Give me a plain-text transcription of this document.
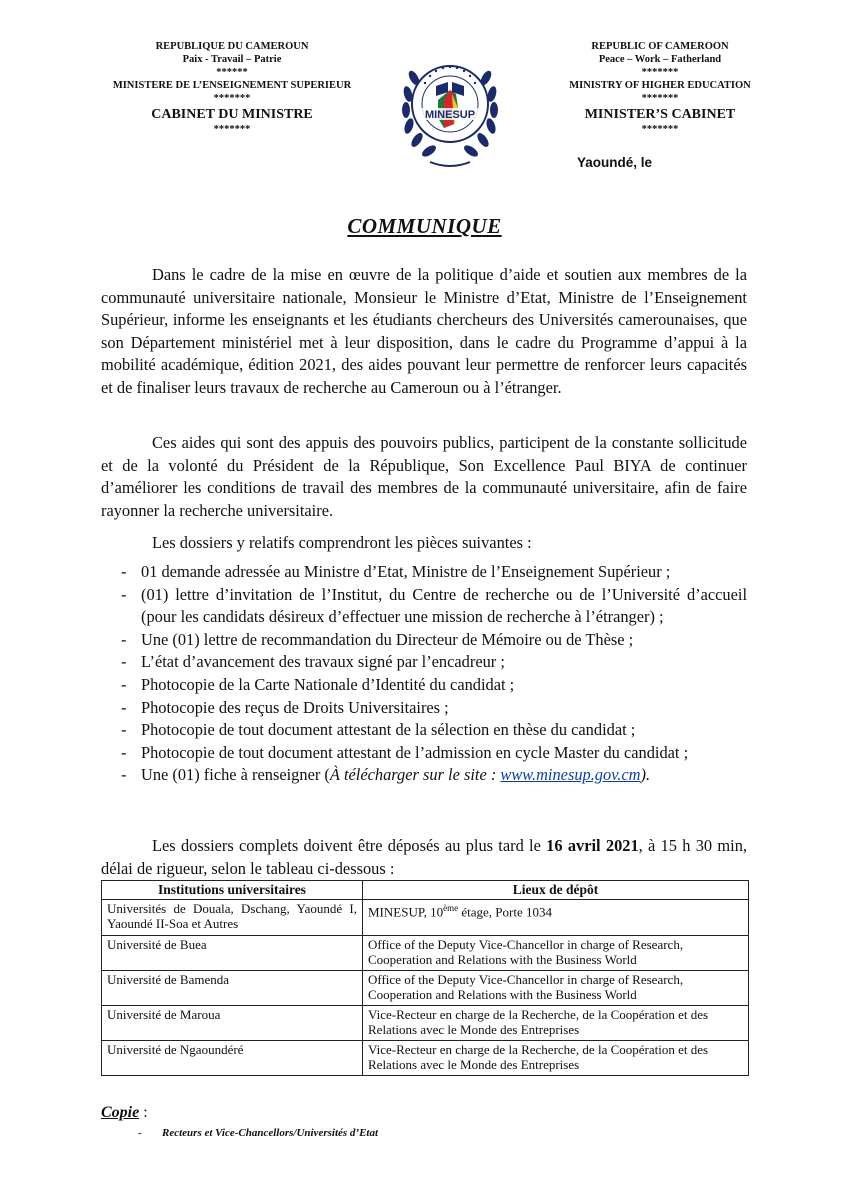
REPUBLIQUE DU CAMEROUN
Paix - Travail – Patrie
******
MINISTERE DE L’ENSEIGNEMENT SUPERIEUR
*******
CABINET DU MINISTRE
*******
MINESUP
REPUBLIC OF CAMEROON
Peace – Work – Fatherland
*******
MINISTRY OF HIGHER EDUCATION
*******
MINISTER’S CABINET
*******
Yaoundé, le
COMMUNIQUE

Dans le cadre de la mise en œuvre de la politique d’aide et soutien aux membres de la communauté universitaire nationale, Monsieur le Ministre d’Etat, Ministre de l’Enseignement Supérieur, informe les enseignants et les étudiants chercheurs des Universités camerounaises, que son Département ministériel met à leur disposition, dans le cadre du Programme d’appui à la mobilité académique, édition 2021, des aides pouvant leur permettre de renforcer leurs capacités et de finaliser leurs travaux de recherche au Cameroun ou à l’étranger.

Ces aides qui sont des appuis des pouvoirs publics, participent de la constante sollicitude et de la volonté du Président de la République, Son Excellence Paul BIYA de continuer d’améliorer les conditions de travail des membres de la communauté universitaire, afin de faire rayonner la recherche universitaire.

Les dossiers y relatifs comprendront les pièces suivantes :

- 01 demande adressée au Ministre d’Etat, Ministre de l’Enseignement Supérieur ;
- (01) lettre d’invitation de l’Institut, du Centre de recherche ou de l’Université d’accueil (pour les candidats désireux d’effectuer une mission de recherche à l’étranger) ;
- Une (01) lettre de recommandation du Directeur de Mémoire ou de Thèse ;
- L’état d’avancement des travaux signé par l’encadreur ;
- Photocopie de la Carte Nationale d’Identité du candidat ;
- Photocopie des reçus de Droits Universitaires ;
- Photocopie de tout document attestant de la sélection en thèse du candidat ;
- Photocopie de tout document attestant de l’admission en cycle Master du candidat ;
- Une (01) fiche à renseigner (À télécharger sur le site : www.minesup.gov.cm).

Les dossiers complets doivent être déposés au plus tard le 16 avril 2021, à 15 h 30 min, délai de rigueur, selon le tableau ci-dessous :

Institutions universitaires	Lieux de dépôt
Universités de Douala, Dschang, Yaoundé I, Yaoundé II-Soa et Autres	MINESUP, 10ème étage, Porte 1034
Université de Buea	Office of the Deputy Vice-Chancellor in charge of Research, Cooperation and Relations with the Business World
Université de Bamenda	Office of the Deputy Vice-Chancellor in charge of Research, Cooperation and Relations with the Business World
Université de Maroua	Vice-Recteur en charge de la Recherche, de la Coopération et des Relations avec le Monde des Entreprises
Université de Ngaoundéré	Vice-Recteur en charge de la Recherche, de la Coopération et des Relations avec le Monde des Entreprises
Copie :
- Recteurs et Vice-Chancellors/Universités d’Etat
